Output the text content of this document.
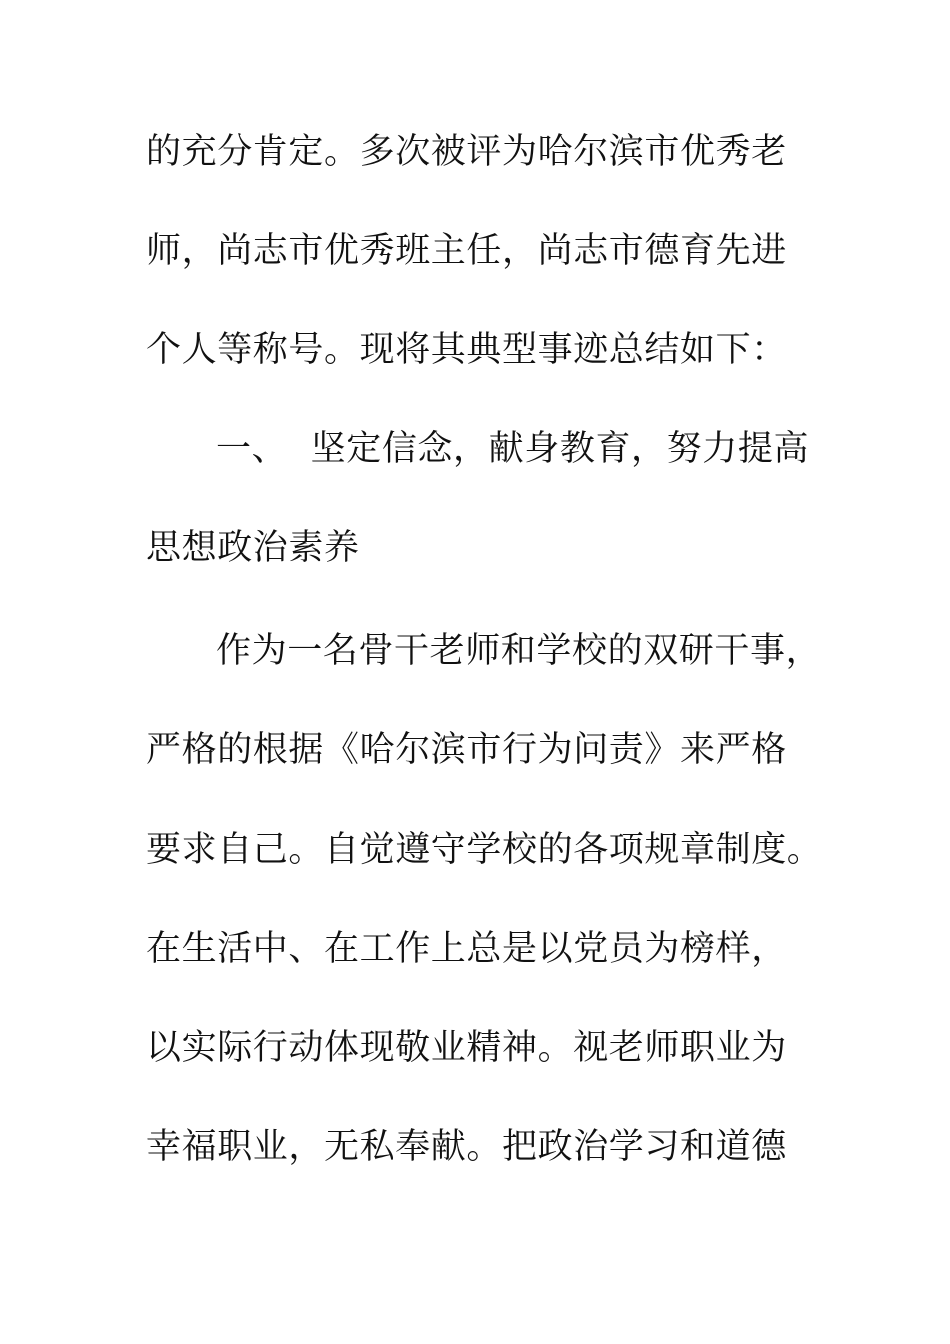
的充分肯定。多次被评为哈尔滨市优秀老
师，尚志市优秀班主任，尚志市德育先进
个人等称号。现将其典型事迹总结如下：
一、  坚定信念，献身教育，努力提高
思想政治素养
作为一名骨干老师和学校的双研干事，
严格的根据《哈尔滨市行为问责》来严格
要求自己。自觉遵守学校的各项规章制度。
在生活中、在工作上总是以党员为榜样，
以实际行动体现敬业精神。视老师职业为
幸福职业，无私奉献。把政治学习和道德
